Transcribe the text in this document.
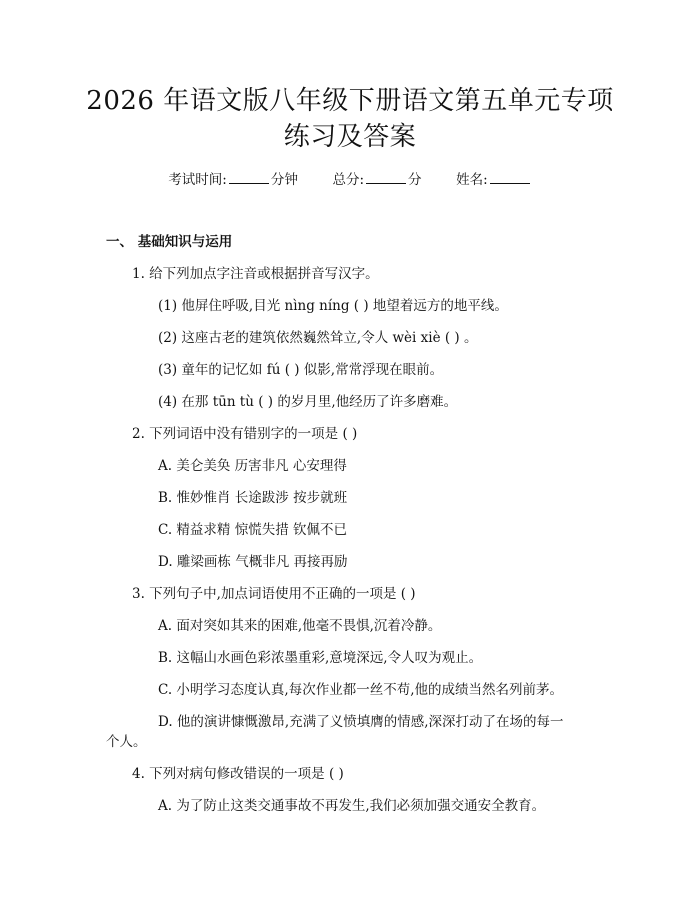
2026 年语文版八年级下册语文第五单元专项
练习及答案
考试时间:	分钟	总分:	分	姓名:
一、 基础知识与运用
1. 给下列加点字注音或根据拼音写汉字。
(1) 他屏住呼吸,目光 nìng níng ( ) 地望着远方的地平线。
(2) 这座古老的建筑依然巍然耸立,令人 wèi xiè ( ) 。
(3) 童年的记忆如 fú ( ) 似影,常常浮现在眼前。
(4) 在那 tūn tù ( ) 的岁月里,他经历了许多磨难。
2. 下列词语中没有错别字的一项是 ( )
A. 美仑美奂 历害非凡 心安理得
B. 惟妙惟肖 长途跋涉 按步就班
C. 精益求精 惊慌失措 钦佩不已
D. 雕梁画栋 气概非凡 再接再励
3. 下列句子中,加点词语使用不正确的一项是 ( )
A. 面对突如其来的困难,他毫不畏惧,沉着冷静。
B. 这幅山水画色彩浓墨重彩,意境深远,令人叹为观止。
C. 小明学习态度认真,每次作业都一丝不苟,他的成绩当然名列前茅。
D. 他的演讲慷慨激昂,充满了义愤填膺的情感,深深打动了在场的每一
个人。
4. 下列对病句修改错误的一项是 ( )
A. 为了防止这类交通事故不再发生,我们必须加强交通安全教育。
